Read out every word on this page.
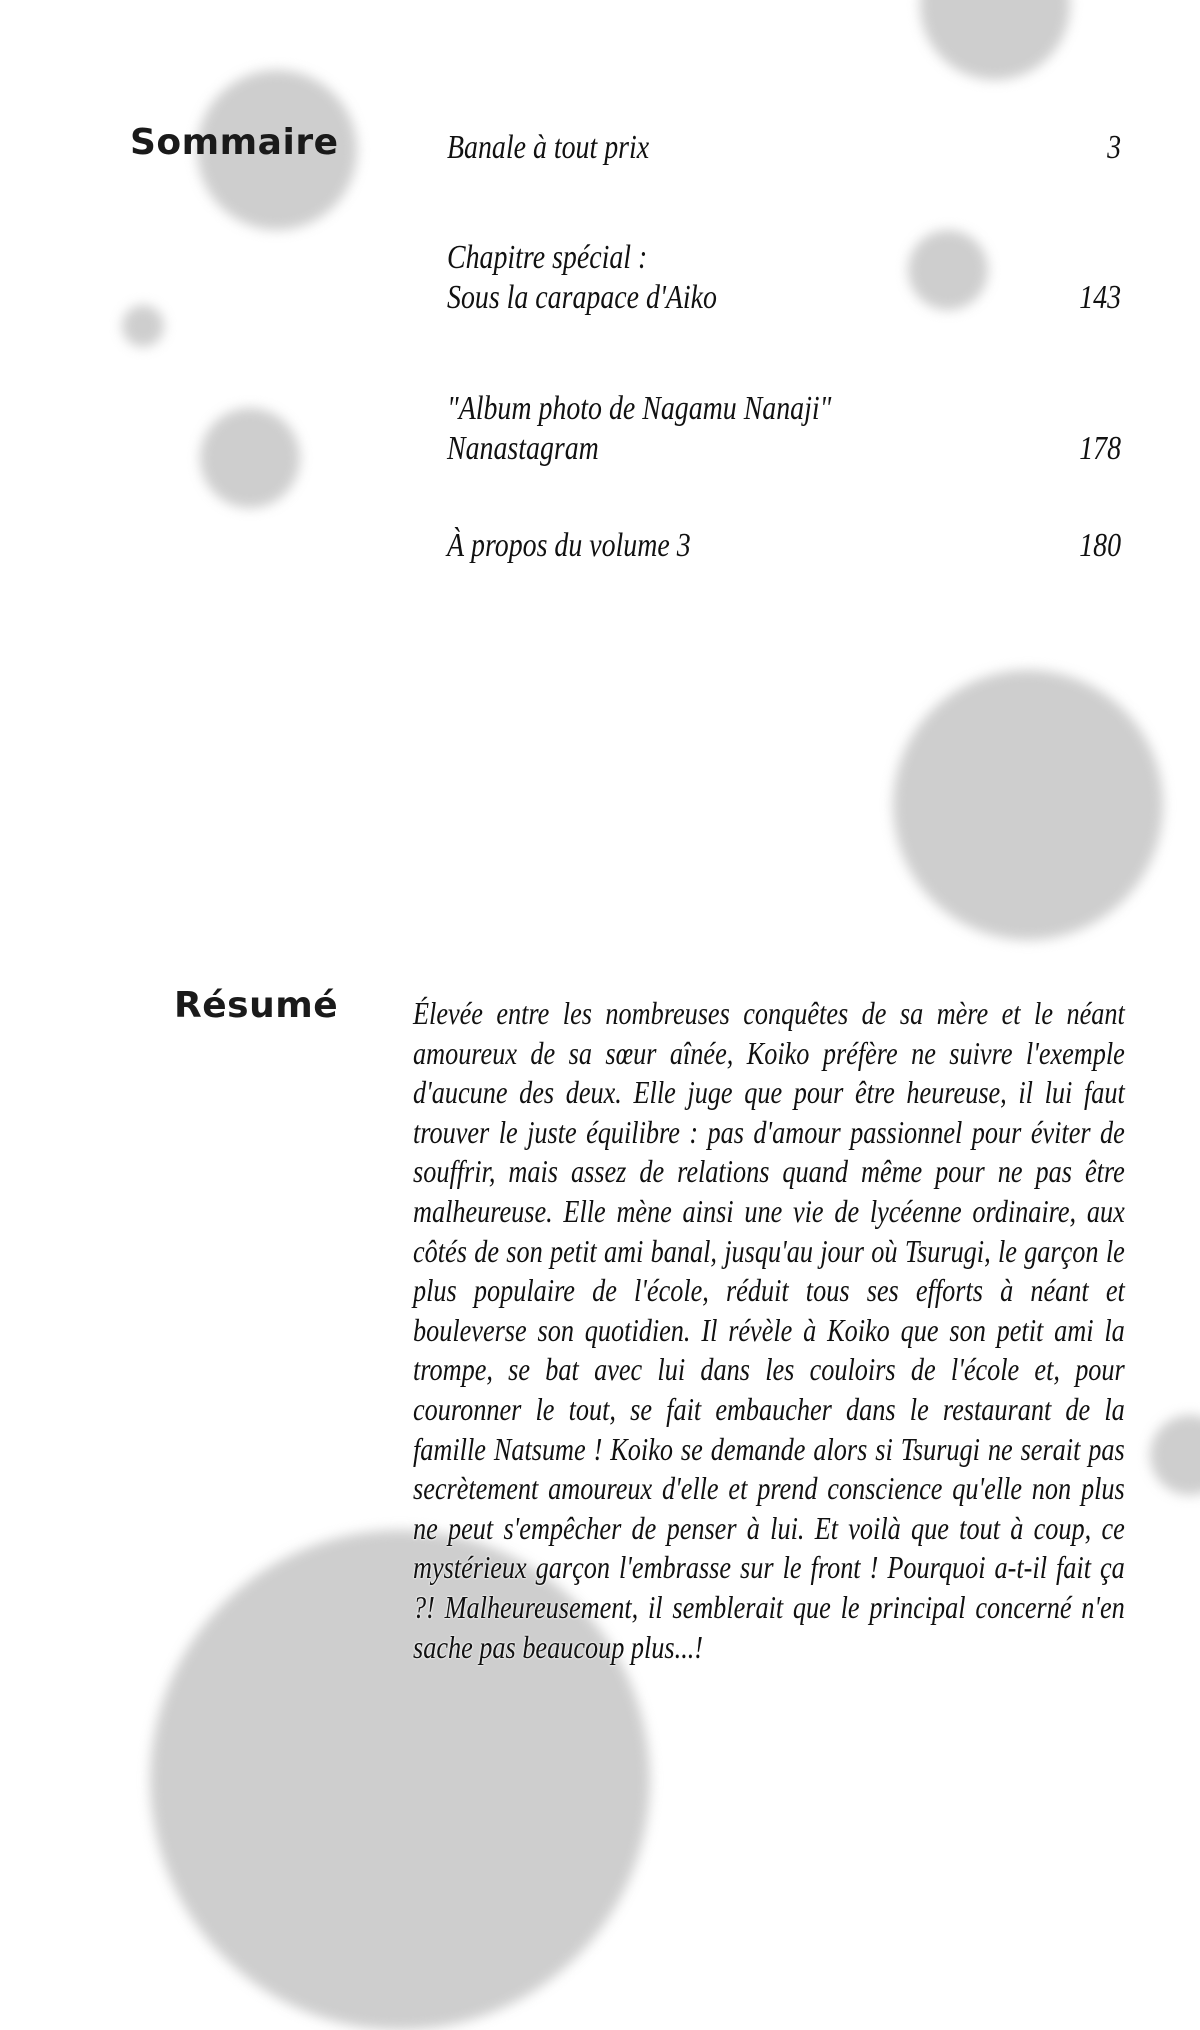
Sommaire	Banale à tout prix	3
Chapitre spécial :
Sous la carapace d'Aiko	143
"Album photo de Nagamu Nanaji"
Nanastagram	178
À propos du volume 3	180
Résumé Élevée entre les nombreuses conquêtes de sa mère et le néant amoureux de sa sœur aînée, Koiko préfère ne suivre l'exemple d'aucune des deux. Elle juge que pour être heureuse, il lui faut trouver le juste équilibre : pas d'amour passionnel pour éviter de souffrir, mais assez de relations quand même pour ne pas être malheureuse. Elle mène ainsi une vie de lycéenne ordinaire, aux côtés de son petit ami banal, jusqu'au jour où Tsurugi, le garçon le plus populaire de l'école, réduit tous ses efforts à néant et bouleverse son quotidien. Il révèle à Koiko que son petit ami la trompe, se bat avec lui dans les couloirs de l'école et, pour couronner le tout, se fait embaucher dans le restaurant de la famille Natsume ! Koiko se demande alors si Tsurugi ne serait pas secrètement amoureux d'elle et prend conscience qu'elle non plus ne peut s'empêcher de penser à lui. Et voilà que tout à coup, ce mystérieux garçon l'embrasse sur le front ! Pourquoi a-t-il fait ça ?! Malheureusement, il semblerait que le principal concerné n'en sache pas beaucoup plus...!
